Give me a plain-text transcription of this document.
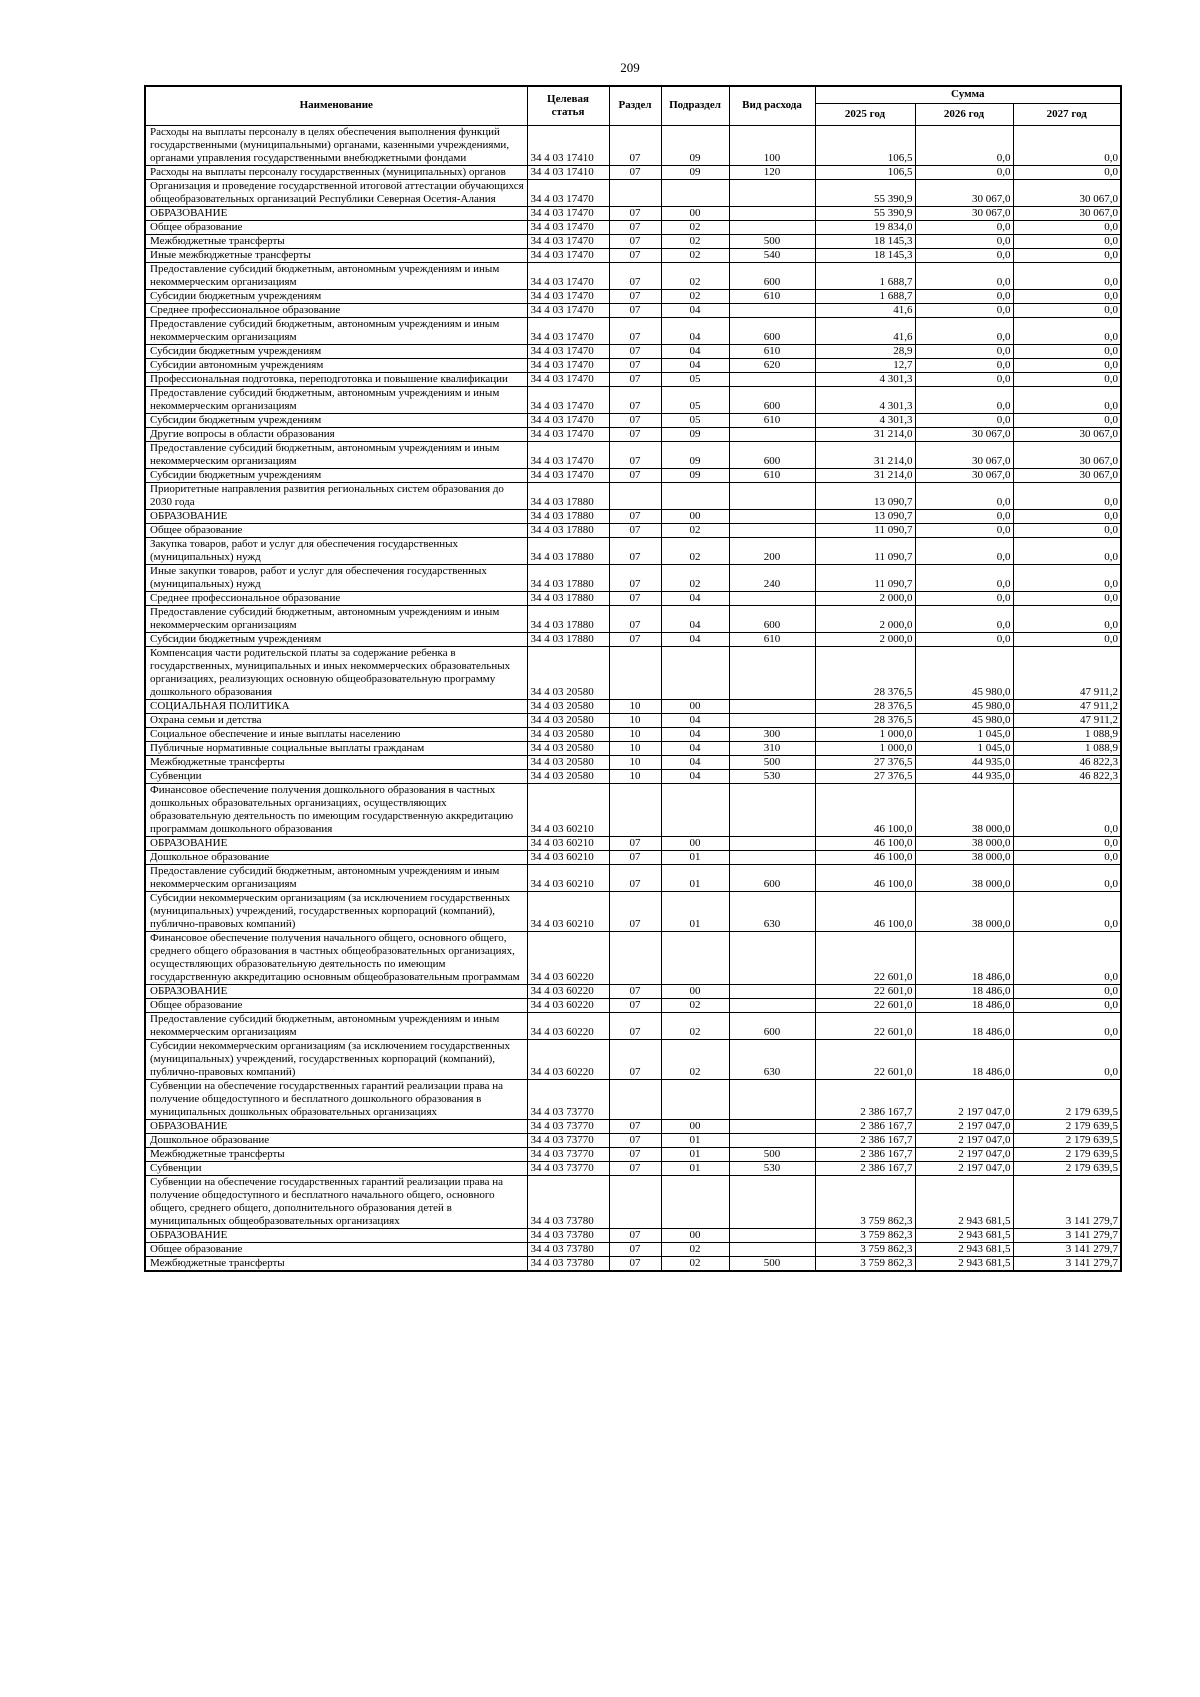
209
Наименование	Целевая статья	Раздел	Подраздел	Вид расхода	Сумма		
					2025 год	2026 год	2027 год
Расходы на выплаты персоналу в целях обеспечения выполнения функций государственными (муниципальными) органами, казенными учреждениями, органами управления государственными внебюджетными фондами	34 4 03 17410	07	09	100	106,5	0,0	0,0
Расходы на выплаты персоналу государственных (муниципальных) органов	34 4 03 17410	07	09	120	106,5	0,0	0,0
Организация и проведение государственной итоговой аттестации обучающихся общеобразовательных организаций Республики Северная Осетия-Алания	34 4 03 17470				55 390,9	30 067,0	30 067,0
ОБРАЗОВАНИЕ	34 4 03 17470	07	00		55 390,9	30 067,0	30 067,0
Общее образование	34 4 03 17470	07	02		19 834,0	0,0	0,0
Межбюджетные трансферты	34 4 03 17470	07	02	500	18 145,3	0,0	0,0
Иные межбюджетные трансферты	34 4 03 17470	07	02	540	18 145,3	0,0	0,0
Предоставление субсидий бюджетным, автономным учреждениям и иным некоммерческим организациям	34 4 03 17470	07	02	600	1 688,7	0,0	0,0
Субсидии бюджетным учреждениям	34 4 03 17470	07	02	610	1 688,7	0,0	0,0
Среднее профессиональное образование	34 4 03 17470	07	04		41,6	0,0	0,0
Предоставление субсидий бюджетным, автономным учреждениям и иным некоммерческим организациям	34 4 03 17470	07	04	600	41,6	0,0	0,0
Субсидии бюджетным учреждениям	34 4 03 17470	07	04	610	28,9	0,0	0,0
Субсидии автономным учреждениям	34 4 03 17470	07	04	620	12,7	0,0	0,0
Профессиональная подготовка, переподготовка и повышение квалификации	34 4 03 17470	07	05		4 301,3	0,0	0,0
Предоставление субсидий бюджетным, автономным учреждениям и иным некоммерческим организациям	34 4 03 17470	07	05	600	4 301,3	0,0	0,0
Субсидии бюджетным учреждениям	34 4 03 17470	07	05	610	4 301,3	0,0	0,0
Другие вопросы в области образования	34 4 03 17470	07	09		31 214,0	30 067,0	30 067,0
Предоставление субсидий бюджетным, автономным учреждениям и иным некоммерческим организациям	34 4 03 17470	07	09	600	31 214,0	30 067,0	30 067,0
Субсидии бюджетным учреждениям	34 4 03 17470	07	09	610	31 214,0	30 067,0	30 067,0
Приоритетные направления развития региональных систем образования до 2030 года	34 4 03 17880				13 090,7	0,0	0,0
ОБРАЗОВАНИЕ	34 4 03 17880	07	00		13 090,7	0,0	0,0
Общее образование	34 4 03 17880	07	02		11 090,7	0,0	0,0
Закупка товаров, работ и услуг для обеспечения государственных (муниципальных) нужд	34 4 03 17880	07	02	200	11 090,7	0,0	0,0
Иные закупки товаров, работ и услуг для обеспечения государственных (муниципальных) нужд	34 4 03 17880	07	02	240	11 090,7	0,0	0,0
Среднее профессиональное образование	34 4 03 17880	07	04		2 000,0	0,0	0,0
Предоставление субсидий бюджетным, автономным учреждениям и иным некоммерческим организациям	34 4 03 17880	07	04	600	2 000,0	0,0	0,0
Субсидии бюджетным учреждениям	34 4 03 17880	07	04	610	2 000,0	0,0	0,0
Компенсация части родительской платы за содержание ребенка в государственных, муниципальных и иных некоммерческих образовательных организациях, реализующих основную общеобразовательную программу дошкольного образования	34 4 03 20580				28 376,5	45 980,0	47 911,2
СОЦИАЛЬНАЯ ПОЛИТИКА	34 4 03 20580	10	00		28 376,5	45 980,0	47 911,2
Охрана семьи и детства	34 4 03 20580	10	04		28 376,5	45 980,0	47 911,2
Социальное обеспечение и иные выплаты населению	34 4 03 20580	10	04	300	1 000,0	1 045,0	1 088,9
Публичные нормативные социальные выплаты гражданам	34 4 03 20580	10	04	310	1 000,0	1 045,0	1 088,9
Межбюджетные трансферты	34 4 03 20580	10	04	500	27 376,5	44 935,0	46 822,3
Субвенции	34 4 03 20580	10	04	530	27 376,5	44 935,0	46 822,3
Финансовое обеспечение получения дошкольного образования в частных дошкольных образовательных организациях, осуществляющих образовательную деятельность по имеющим государственную аккредитацию программам дошкольного образования	34 4 03 60210				46 100,0	38 000,0	0,0
ОБРАЗОВАНИЕ	34 4 03 60210	07	00		46 100,0	38 000,0	0,0
Дошкольное образование	34 4 03 60210	07	01		46 100,0	38 000,0	0,0
Предоставление субсидий бюджетным, автономным учреждениям и иным некоммерческим организациям	34 4 03 60210	07	01	600	46 100,0	38 000,0	0,0
Субсидии некоммерческим организациям (за исключением государственных (муниципальных) учреждений, государственных корпораций (компаний), публично-правовых компаний)	34 4 03 60210	07	01	630	46 100,0	38 000,0	0,0
Финансовое обеспечение получения начального общего, основного общего, среднего общего образования в частных общеобразовательных организациях, осуществляющих образовательную деятельность по имеющим государственную аккредитацию основным общеобразовательным программам	34 4 03 60220				22 601,0	18 486,0	0,0
ОБРАЗОВАНИЕ	34 4 03 60220	07	00		22 601,0	18 486,0	0,0
Общее образование	34 4 03 60220	07	02		22 601,0	18 486,0	0,0
Предоставление субсидий бюджетным, автономным учреждениям и иным некоммерческим организациям	34 4 03 60220	07	02	600	22 601,0	18 486,0	0,0
Субсидии некоммерческим организациям (за исключением государственных (муниципальных) учреждений, государственных корпораций (компаний), публично-правовых компаний)	34 4 03 60220	07	02	630	22 601,0	18 486,0	0,0
Субвенции на обеспечение государственных гарантий реализации права на получение общедоступного и бесплатного дошкольного образования в муниципальных дошкольных образовательных организациях	34 4 03 73770				2 386 167,7	2 197 047,0	2 179 639,5
ОБРАЗОВАНИЕ	34 4 03 73770	07	00		2 386 167,7	2 197 047,0	2 179 639,5
Дошкольное образование	34 4 03 73770	07	01		2 386 167,7	2 197 047,0	2 179 639,5
Межбюджетные трансферты	34 4 03 73770	07	01	500	2 386 167,7	2 197 047,0	2 179 639,5
Субвенции	34 4 03 73770	07	01	530	2 386 167,7	2 197 047,0	2 179 639,5
Субвенции на обеспечение государственных гарантий реализации права на получение общедоступного и бесплатного начального общего, основного общего, среднего общего, дополнительного образования детей в муниципальных общеобразовательных организациях	34 4 03 73780				3 759 862,3	2 943 681,5	3 141 279,7
ОБРАЗОВАНИЕ	34 4 03 73780	07	00		3 759 862,3	2 943 681,5	3 141 279,7
Общее образование	34 4 03 73780	07	02		3 759 862,3	2 943 681,5	3 141 279,7
Межбюджетные трансферты	34 4 03 73780	07	02	500	3 759 862,3	2 943 681,5	3 141 279,7
